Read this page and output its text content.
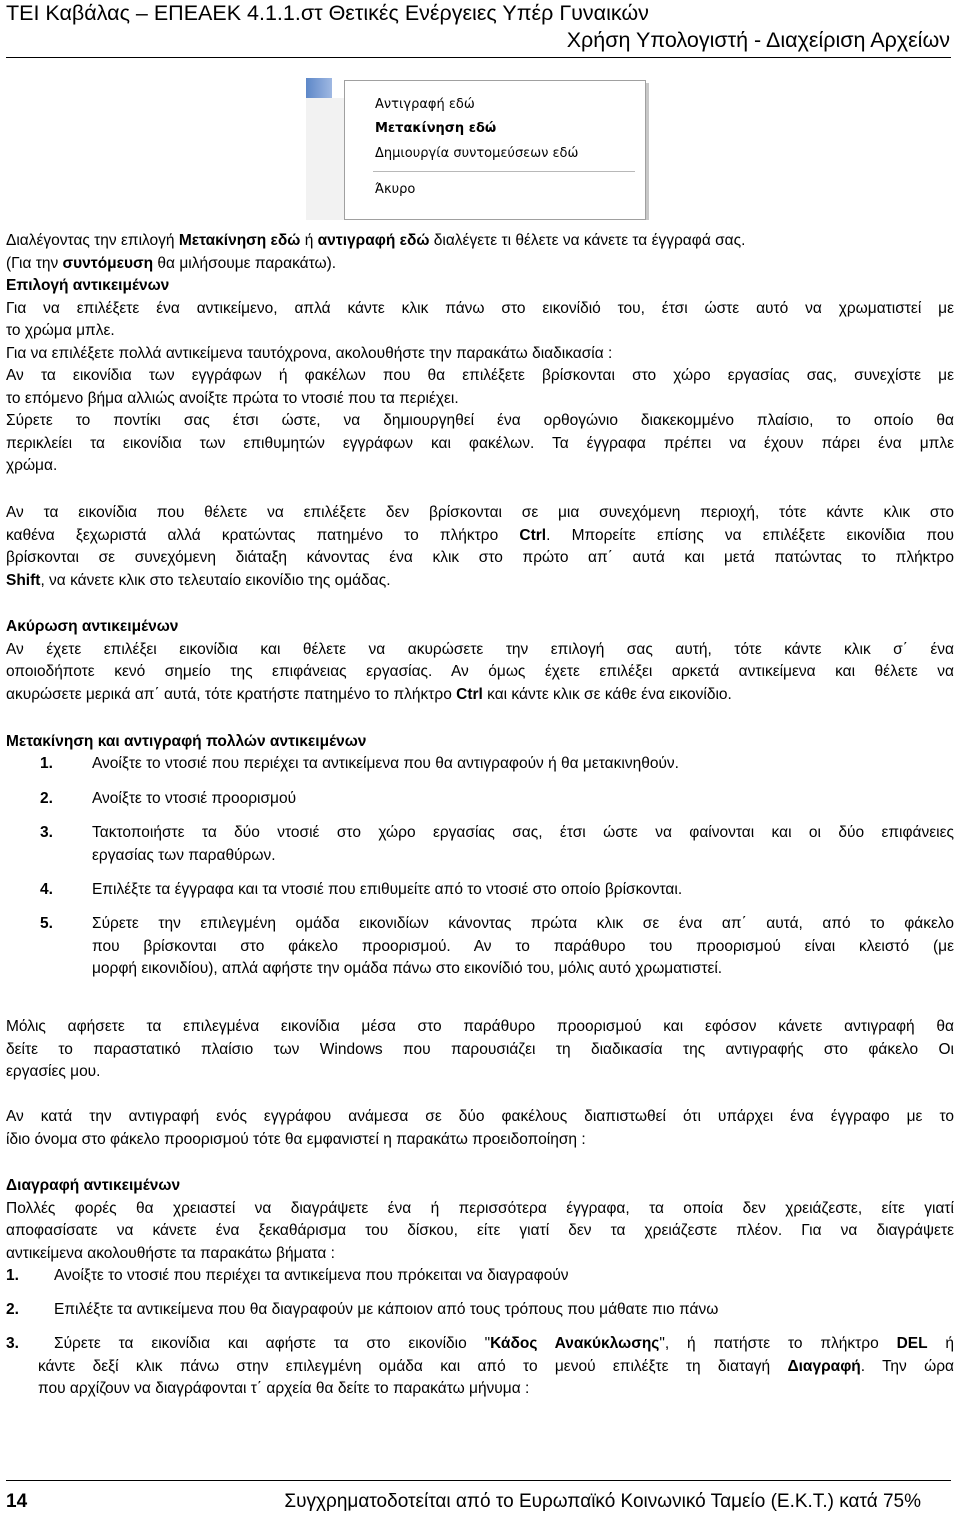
ΤΕΙ Καβάλας – ΕΠΕΑΕΚ 4.1.1.στ Θετικές Ενέργειες Υπέρ Γυναικών
Χρήση Υπολογιστή - Διαχείριση Αρχείων
Αντιγραφή εδώ
Μετακίνηση εδώ
Δημιουργία συντομεύσεων εδώ
Άκυρο
Διαλέγοντας την επιλογή Μετακίνηση εδώ ή αντιγραφή εδώ διαλέγετε τι θέλετε να κάνετε τα έγγραφά σας.
(Για την συντόμευση θα μιλήσουμε παρακάτω).
Επιλογή αντικειμένων
Για να επιλέξετε ένα αντικείμενο, απλά κάντε κλικ πάνω στο εικονίδιό του, έτσι ώστε αυτό να χρωματιστεί με
το χρώμα μπλε.
Για να επιλέξετε πολλά αντικείμενα ταυτόχρονα, ακολουθήστε την παρακάτω διαδικασία :
Αν τα εικονίδια των εγγράφων ή φακέλων που θα επιλέξετε βρίσκονται στο χώρο εργασίας σας, συνεχίστε με
το επόμενο βήμα αλλιώς ανοίξτε πρώτα το ντοσιέ που τα περιέχει.
Σύρετε το ποντίκι σας έτσι ώστε, να δημιουργηθεί ένα ορθογώνιο διακεκομμένο πλαίσιο, το οποίο θα
περικλείει τα εικονίδια των επιθυμητών εγγράφων και φακέλων. Τα έγγραφα πρέπει να έχουν πάρει ένα μπλε
χρώμα.
Αν τα εικονίδια που θέλετε να επιλέξετε δεν βρίσκονται σε μια συνεχόμενη περιοχή, τότε κάντε κλικ στο
καθένα ξεχωριστά αλλά κρατώντας πατημένο το πλήκτρο Ctrl. Μπορείτε επίσης να επιλέξετε εικονίδια που
βρίσκονται σε συνεχόμενη διάταξη κάνοντας ένα κλικ στο πρώτο απ΄ αυτά και μετά πατώντας το πλήκτρο
Shift, να κάνετε κλικ στο τελευταίο εικονίδιο της ομάδας.
Ακύρωση αντικειμένων
Αν έχετε επιλέξει εικονίδια και θέλετε να ακυρώσετε την επιλογή σας αυτή, τότε κάντε κλικ σ΄ ένα
οποιοδήποτε κενό σημείο της επιφάνειας εργασίας. Αν όμως έχετε επιλέξει αρκετά αντικείμενα και θέλετε να
ακυρώσετε μερικά απ΄ αυτά, τότε κρατήστε πατημένο το πλήκτρο Ctrl και κάντε κλικ σε κάθε ένα εικονίδιο.
Μετακίνηση και αντιγραφή πολλών αντικειμένων
1.	Ανοίξτε το ντοσιέ που περιέχει τα αντικείμενα που θα αντιγραφούν ή θα μετακινηθούν.
2.	Ανοίξτε το ντοσιέ προορισμού
3.	Τακτοποιήστε τα δύο ντοσιέ στο χώρο εργασίας σας, έτσι ώστε να φαίνονται και οι δύο επιφάνειες
εργασίας των παραθύρων.
4.	Επιλέξτε τα έγγραφα και τα ντοσιέ που επιθυμείτε από το ντοσιέ στο οποίο βρίσκονται.
5.	Σύρετε την επιλεγμένη ομάδα εικονιδίων κάνοντας πρώτα κλικ σε ένα απ΄ αυτά, από το φάκελο
που βρίσκονται στο φάκελο προορισμού. Αν το παράθυρο του προορισμού είναι κλειστό (με
μορφή εικονιδίου), απλά αφήστε την ομάδα πάνω στο εικονίδιό του, μόλις αυτό χρωματιστεί.
Μόλις αφήσετε τα επιλεγμένα εικονίδια μέσα στο παράθυρο προορισμού και εφόσον κάνετε αντιγραφή θα
δείτε το παραστατικό πλαίσιο των Windows που παρουσιάζει τη διαδικασία της αντιγραφής στο φάκελο Οι
εργασίες μου.
Αν κατά την αντιγραφή ενός εγγράφου ανάμεσα σε δύο φακέλους διαπιστωθεί ότι υπάρχει ένα έγγραφο με το
ίδιο όνομα στο φάκελο προορισμού τότε θα εμφανιστεί η παρακάτω προειδοποίηση :
Διαγραφή αντικειμένων
Πολλές φορές θα χρειαστεί να διαγράψετε ένα ή περισσότερα έγγραφα, τα οποία δεν χρειάζεστε, είτε γιατί
αποφασίσατε να κάνετε ένα ξεκαθάρισμα του δίσκου, είτε γιατί δεν τα χρειάζεστε πλέον. Για να διαγράψετε
αντικείμενα ακολουθήστε τα παρακάτω βήματα :
1. Ανοίξτε το ντοσιέ που περιέχει τα αντικείμενα που πρόκειται να διαγραφούν
2. Επιλέξτε τα αντικείμενα που θα διαγραφούν με κάποιον από τους τρόπους που μάθατε πιο πάνω
3. Σύρετε τα εικονίδια και αφήστε τα στο εικονίδιο "Κάδος Ανακύκλωσης", ή πατήστε το πλήκτρο DEL ή
κάντε δεξί κλικ πάνω στην επιλεγμένη ομάδα και από το μενού επιλέξτε τη διαταγή Διαγραφή. Την ώρα
που αρχίζουν να διαγράφονται τ΄ αρχεία θα δείτε το παρακάτω μήνυμα :
14	Συγχρηματοδοτείται από το Ευρωπαϊκό Κοινωνικό Ταμείο (Ε.Κ.Τ.) κατά 75%
